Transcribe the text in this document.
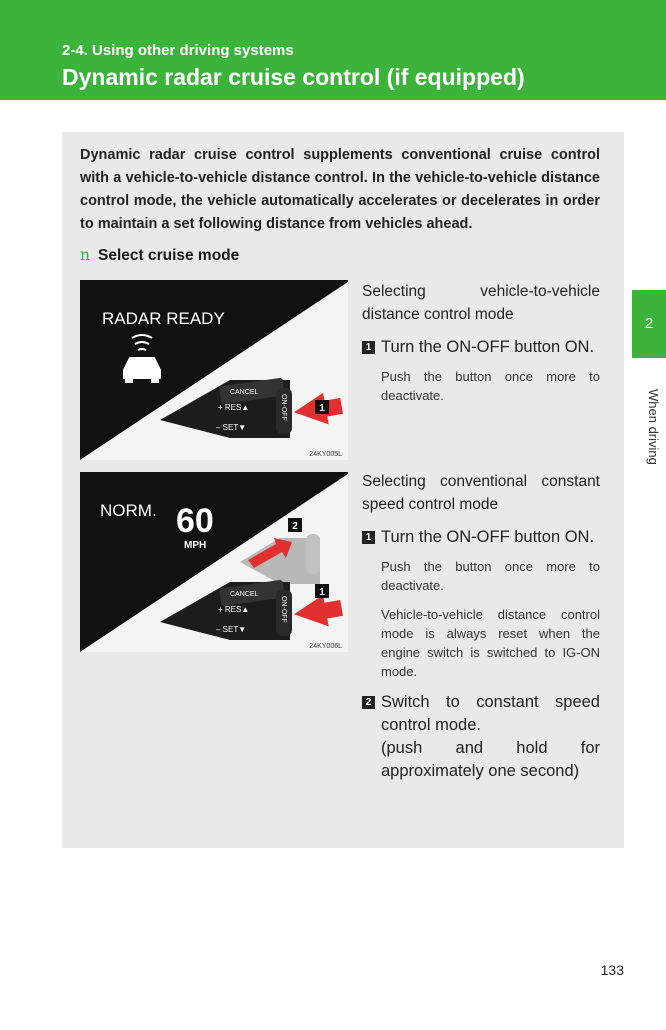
2-4. Using other driving systems
Dynamic radar cruise control (if equipped)
2
When driving
Dynamic radar cruise control supplements conventional cruise control with a vehicle-to-vehicle distance control. In the vehicle-to-vehicle distance control mode, the vehicle automatically accelerates or decelerates in order to maintain a set following distance from vehicles ahead.
n Select cruise mode
RADAR READY
CANCEL
+ RES▲
– SET▼
ON-OFF	1
24KY005L
NORM. 60
MPH
2
CANCEL
+ RES▲
– SET▼
ON-OFF
1
24KY006L
Selecting vehicle-to-vehicle distance control mode
1 Turn the ON-OFF button ON.
Push the button once more to deactivate.
Selecting conventional constant speed control mode
1 Turn the ON-OFF button ON.
Push the button once more to deactivate.
Vehicle-to-vehicle distance control mode is always reset when the engine switch is switched to IG-ON mode.
2 Switch to constant speed control mode.
(push and hold for approximately one second)
133
